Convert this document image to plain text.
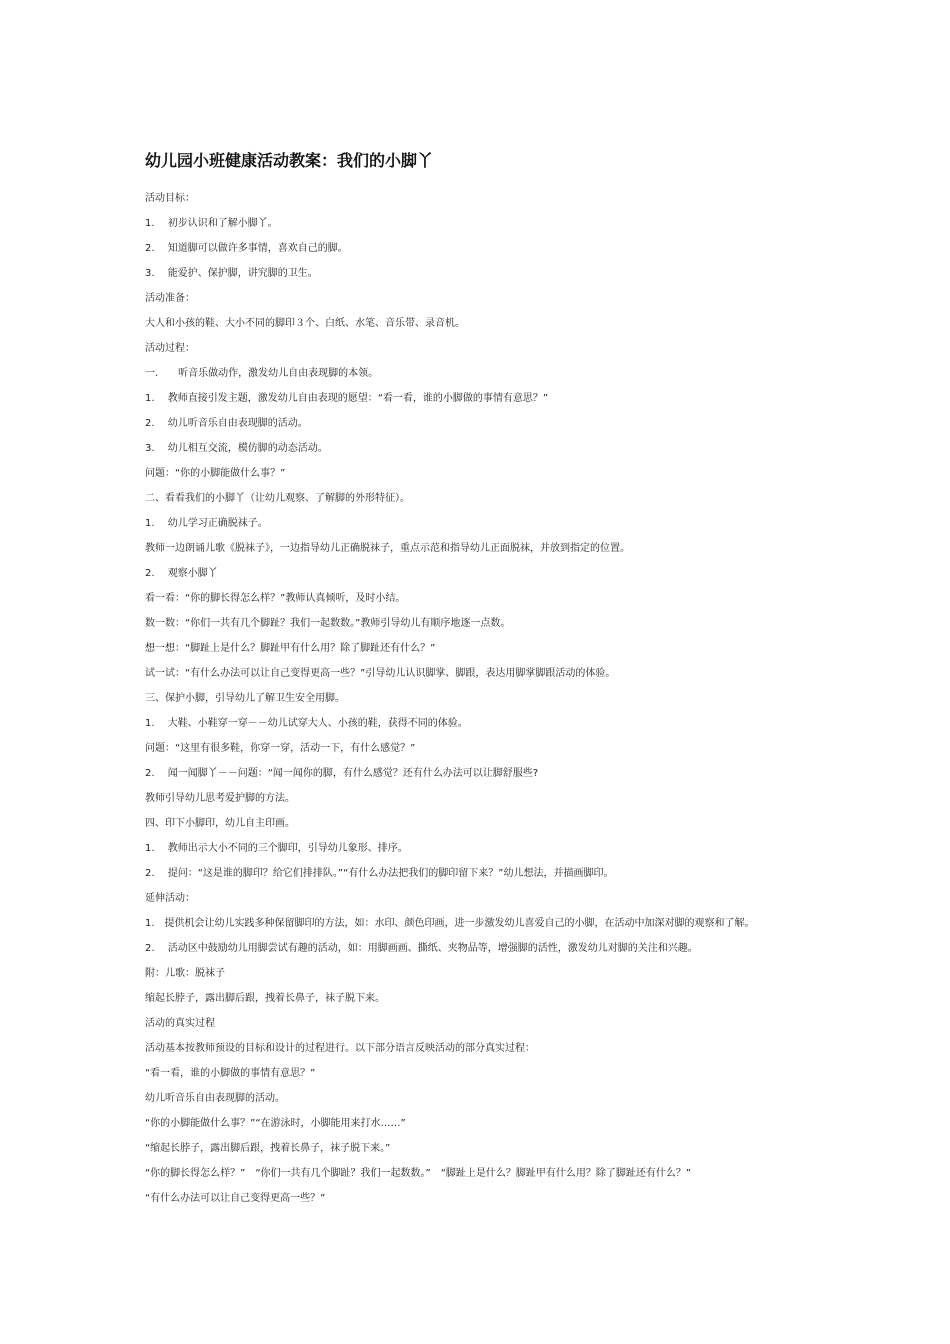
幼儿园小班健康活动教案：我们的小脚丫
活动目标：
1.　 初步认识和了解小脚丫。
2.　 知道脚可以做许多事情，喜欢自己的脚。
3.　 能爱护、保护脚，讲究脚的卫生。
活动准备：
大人和小孩的鞋、大小不同的脚印３个、白纸、水笔、音乐带、录音机。
活动过程：
一.　　听音乐做动作，激发幼儿自由表现脚的本领。
1.　 教师直接引发主题，激发幼儿自由表现的愿望：“看一看，谁的小脚做的事情有意思？”
2.　 幼儿听音乐自由表现脚的活动。
3.　 幼儿相互交流，模仿脚的动态活动。
问题：“你的小脚能做什么事？”
二、看看我们的小脚丫（让幼儿观察、了解脚的外形特征）。
1.　 幼儿学习正确脱袜子。
教师一边朗诵儿歌《脱袜子》，一边指导幼儿正确脱袜子，重点示范和指导幼儿正面脱袜，并放到指定的位置。
2.　 观察小脚丫
看一看：“你的脚长得怎么样？”教师认真倾听，及时小结。
数一数：“你们一共有几个脚趾？我们一起数数。”教师引导幼儿有顺序地逐一点数。
想一想：“脚趾上是什么？脚趾甲有什么用？除了脚趾还有什么？”
试一试：“有什么办法可以让自己变得更高一些？”引导幼儿认识脚掌、脚跟，表达用脚掌脚跟活动的体验。
三、保护小脚，引导幼儿了解卫生安全用脚。
1.　 大鞋、小鞋穿一穿－－幼儿试穿大人、小孩的鞋，获得不同的体验。
问题：“这里有很多鞋，你穿一穿，活动一下，有什么感觉？”
2.　 闻一闻脚丫－－问题：“闻一闻你的脚，有什么感觉？还有什么办法可以让脚舒服些?
教师引导幼儿思考爱护脚的方法。
四、印下小脚印，幼儿自主印画。
1.　 教师出示大小不同的三个脚印，引导幼儿象形、排序。
2.　 提问：“这是谁的脚印？给它们排排队。”“有什么办法把我们的脚印留下来？”幼儿想法，并描画脚印。
延伸活动：
1.　提供机会让幼儿实践多种保留脚印的方法，如：水印、颜色印画，进一步激发幼儿喜爱自己的小脚，在活动中加深对脚的观察和了解。
2.　 活动区中鼓励幼儿用脚尝试有趣的活动，如：用脚画画、撕纸、夹物品等，增强脚的活性，激发幼儿对脚的关注和兴趣。
附：儿歌：脱袜子
缩起长脖子，露出脚后跟，拽着长鼻子，袜子脱下来。
活动的真实过程
活动基本按教师预设的目标和设计的过程进行。以下部分语言反映活动的部分真实过程：
“看一看，谁的小脚做的事情有意思？”
幼儿听音乐自由表现脚的活动。
“你的小脚能做什么事？”“在游泳时，小脚能用来打水……”
“缩起长脖子，露出脚后跟，拽着长鼻子，袜子脱下来。”
“你的脚长得怎么样？”　“你们一共有几个脚趾？我们一起数数。”　“脚趾上是什么？脚趾甲有什么用？除了脚趾还有什么？”
“有什么办法可以让自己变得更高一些？”
